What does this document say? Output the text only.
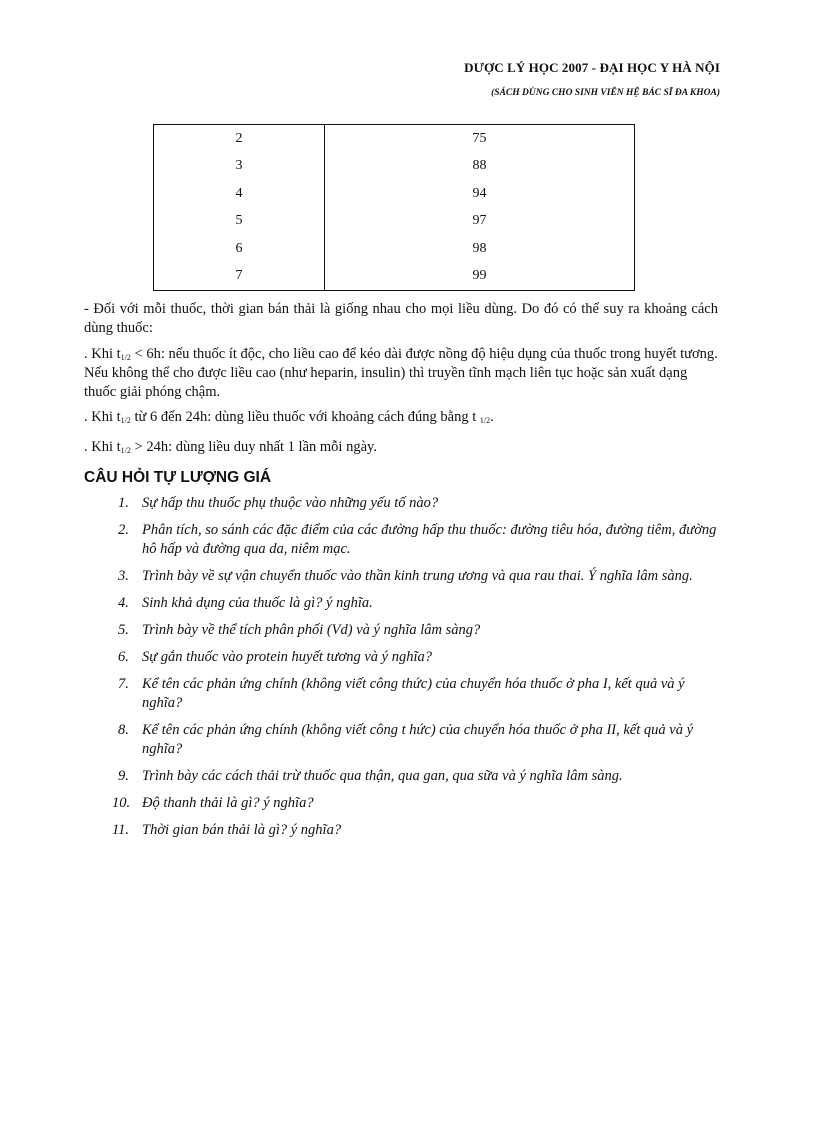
DƯỢC LÝ HỌC 2007 - ĐẠI HỌC Y HÀ NỘI
(SÁCH DÙNG CHO SINH VIÊN HỆ BÁC SĨ ĐA KHOA)
2	75
3	88
4	94
5	97
6	98
7	99
- Đối với mỗi thuốc, thời gian bán thải là giống nhau cho mọi liều dùng. Do đó có thể suy ra khoảng cách dùng thuốc:
. Khi $t_{1/2} < 6h$: nếu thuốc ít độc, cho liều cao để kéo dài được nồng độ hiệu dụng của thuốc trong huyết tương. Nếu không thể cho được liều cao (như heparin, insulin) thì truyền tĩnh mạch liên tục hoặc sản xuất dạng thuốc giải phóng chậm.
. Khi $t_{1/2}$ từ 6 đến 24h: dùng liều thuốc với khoảng cách đúng bằng t $_{1/2}$.
. Khi $t_{1/2} > 24h$: dùng liều duy nhất 1 lần mỗi ngày.
CÂU HỎI TỰ LƯỢNG GIÁ
1. Sự hấp thu thuốc phụ thuộc vào những yếu tố nào?
2. Phân tích, so sánh các đặc điểm của các đường hấp thu thuốc: đường tiêu hóa, đường tiêm, đường hô hấp và đường qua da, niêm mạc.
3. Trình bày về sự vận chuyển thuốc vào thần kinh trung ương và qua rau thai. Ý nghĩa lâm sàng.
4. Sinh khả dụng của thuốc là gì? ý nghĩa.
5. Trình bày về thể tích phân phối (Vd) và ý nghĩa lâm sàng?
6. Sự gắn thuốc vào protein huyết tương và ý nghĩa?
7. Kể tên các phản ứng chính (không viết công thức) của chuyển hóa thuốc ở pha I, kết quả và ý nghĩa?
8. Kể tên các phản ứng chính (không viết công t hức) của chuyển hóa thuốc ở pha II, kết quả và ý nghĩa?
9. Trình bày các cách thải trừ thuốc qua thận, qua gan, qua sữa và ý nghĩa lâm sàng.
10. Độ thanh thải là gì? ý nghĩa?
11. Thời gian bán thải là gì? ý nghĩa?
